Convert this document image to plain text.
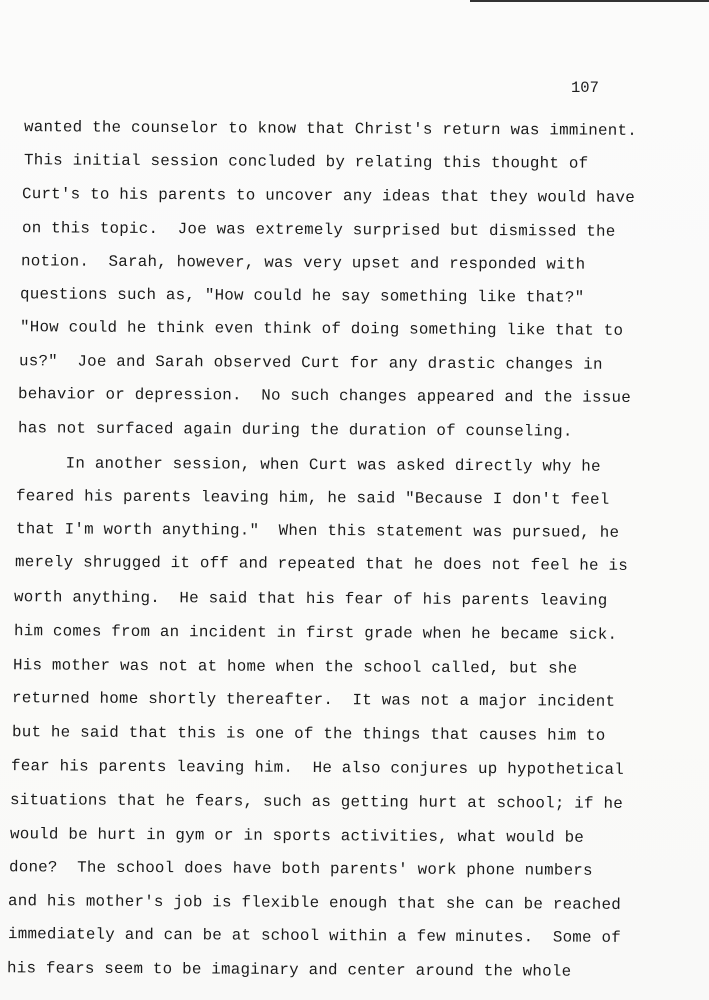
107
wanted the counselor to know that Christ's return was imminent.
This initial session concluded by relating this thought of
Curt's to his parents to uncover any ideas that they would have
on this topic.  Joe was extremely surprised but dismissed the
notion.  Sarah, however, was very upset and responded with
questions such as, "How could he say something like that?"
"How could he think even think of doing something like that to
us?"  Joe and Sarah observed Curt for any drastic changes in
behavior or depression.  No such changes appeared and the issue
has not surfaced again during the duration of counseling.
In another session, when Curt was asked directly why he
feared his parents leaving him, he said "Because I don't feel
that I'm worth anything."  When this statement was pursued, he
merely shrugged it off and repeated that he does not feel he is
worth anything.  He said that his fear of his parents leaving
him comes from an incident in first grade when he became sick.
His mother was not at home when the school called, but she
returned home shortly thereafter.  It was not a major incident
but he said that this is one of the things that causes him to
fear his parents leaving him.  He also conjures up hypothetical
situations that he fears, such as getting hurt at school; if he
would be hurt in gym or in sports activities, what would be
done?  The school does have both parents' work phone numbers
and his mother's job is flexible enough that she can be reached
immediately and can be at school within a few minutes.  Some of
his fears seem to be imaginary and center around the whole
